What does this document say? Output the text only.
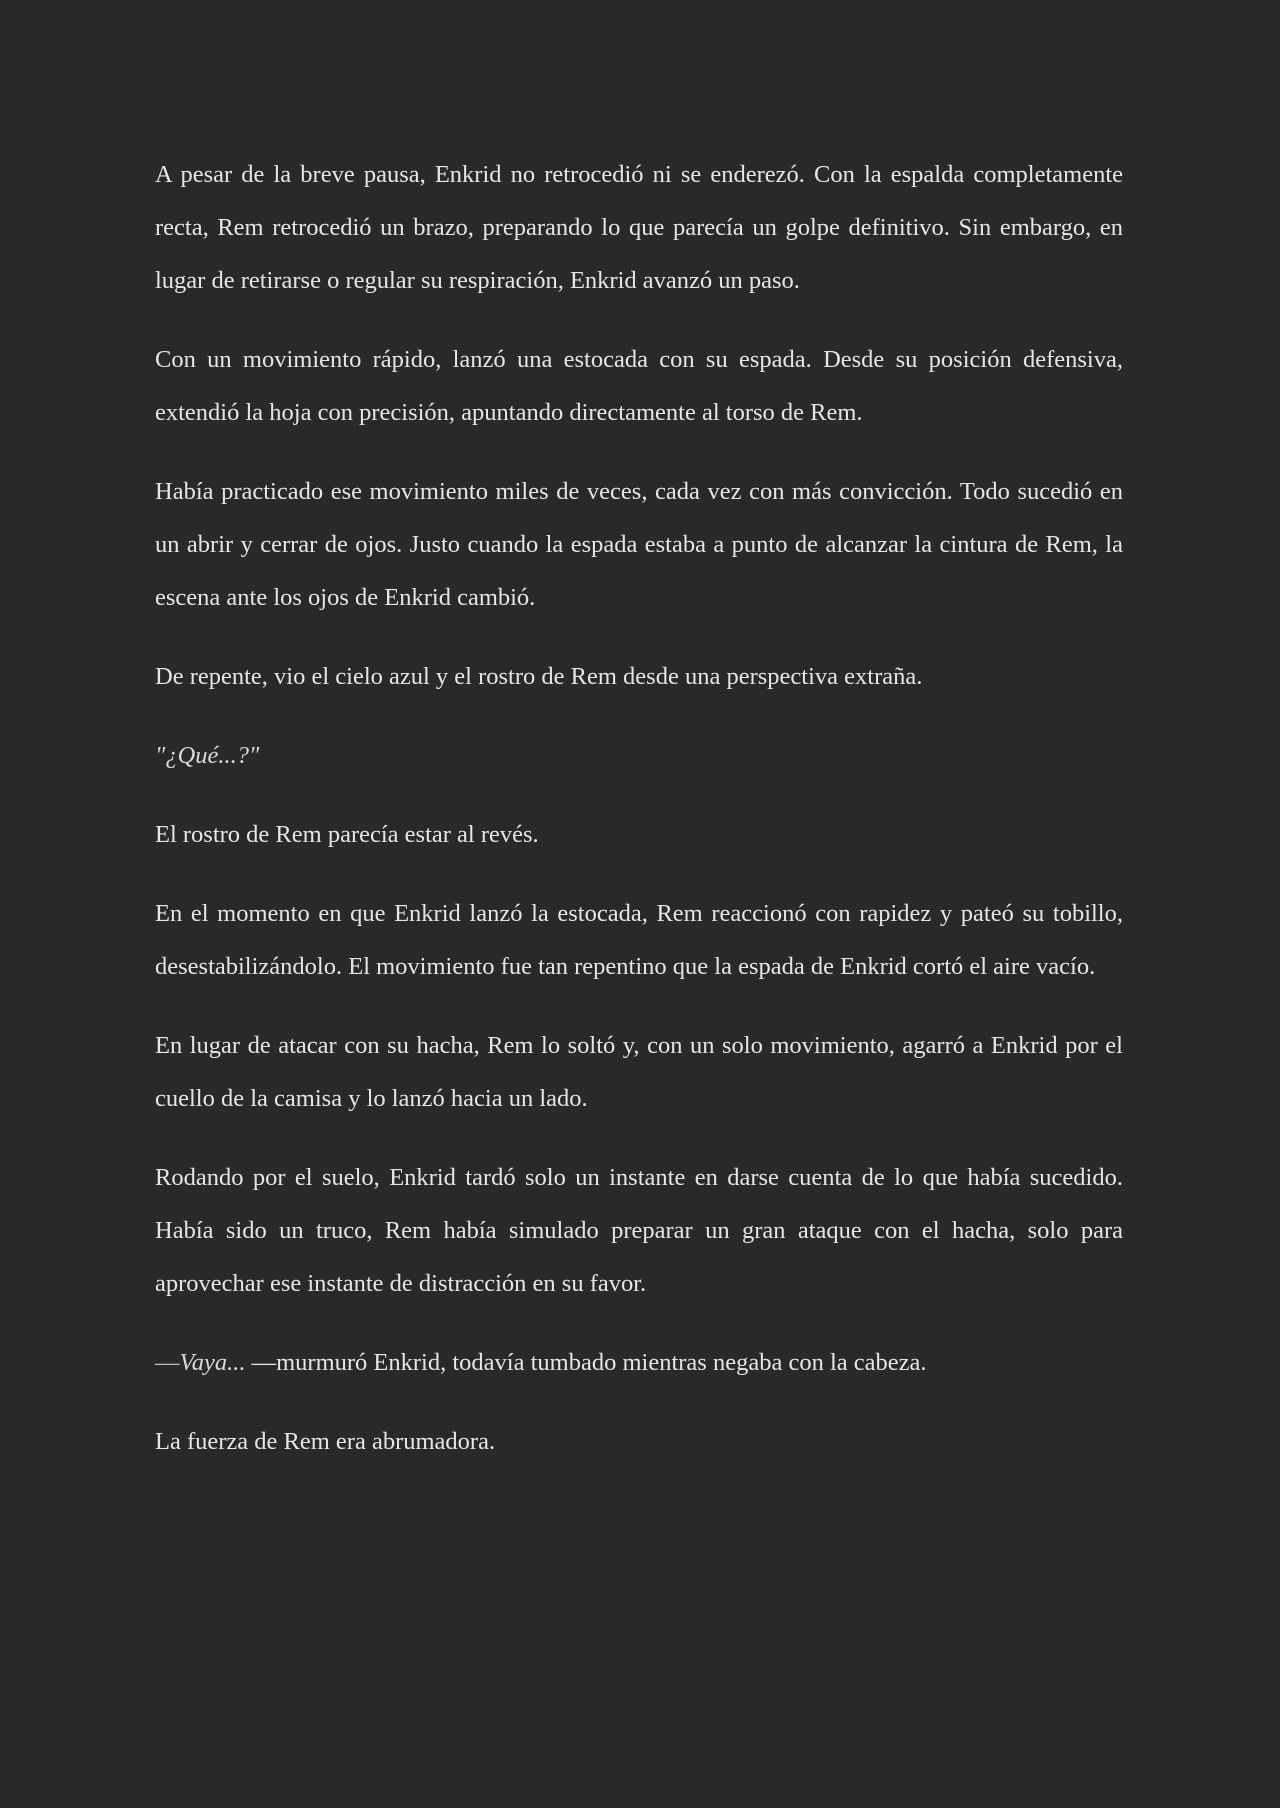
A pesar de la breve pausa, Enkrid no retrocedió ni se enderezó. Con la espalda completamente recta, Rem retrocedió un brazo, preparando lo que parecía un golpe definitivo. Sin embargo, en lugar de retirarse o regular su respiración, Enkrid avanzó un paso.

Con un movimiento rápido, lanzó una estocada con su espada. Desde su posición defensiva, extendió la hoja con precisión, apuntando directamente al torso de Rem.

Había practicado ese movimiento miles de veces, cada vez con más convicción. Todo sucedió en un abrir y cerrar de ojos. Justo cuando la espada estaba a punto de alcanzar la cintura de Rem, la escena ante los ojos de Enkrid cambió.

De repente, vio el cielo azul y el rostro de Rem desde una perspectiva extraña.

"¿Qué...?"

El rostro de Rem parecía estar al revés.

En el momento en que Enkrid lanzó la estocada, Rem reaccionó con rapidez y pateó su tobillo, desestabilizándolo. El movimiento fue tan repentino que la espada de Enkrid cortó el aire vacío.

En lugar de atacar con su hacha, Rem lo soltó y, con un solo movimiento, agarró a Enkrid por el cuello de la camisa y lo lanzó hacia un lado.

Rodando por el suelo, Enkrid tardó solo un instante en darse cuenta de lo que había sucedido. Había sido un truco, Rem había simulado preparar un gran ataque con el hacha, solo para aprovechar ese instante de distracción en su favor.

—Vaya... —murmuró Enkrid, todavía tumbado mientras negaba con la cabeza.

La fuerza de Rem era abrumadora.
